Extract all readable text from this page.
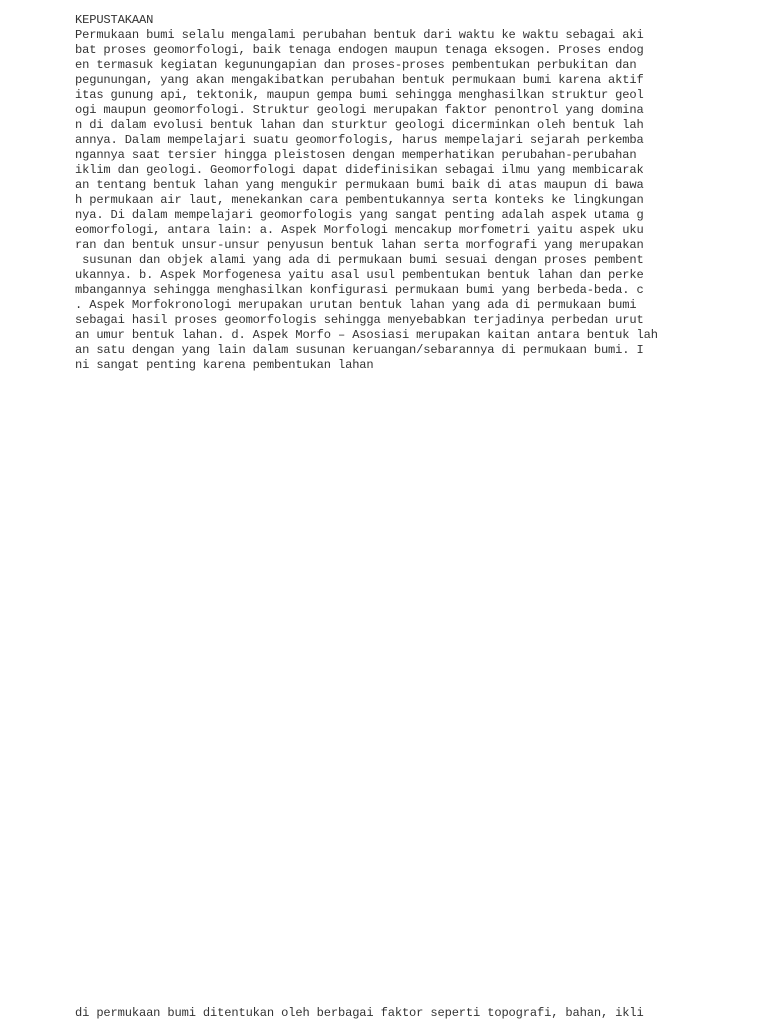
KEPUSTAKAAN
Permukaan bumi selalu mengalami perubahan bentuk dari waktu ke waktu sebagai aki
bat proses geomorfologi, baik tenaga endogen maupun tenaga eksogen. Proses endog
en termasuk kegiatan kegunungapian dan proses-proses pembentukan perbukitan dan
pegunungan, yang akan mengakibatkan perubahan bentuk permukaan bumi karena aktif
itas gunung api, tektonik, maupun gempa bumi sehingga menghasilkan struktur geol
ogi maupun geomorfologi. Struktur geologi merupakan faktor penontrol yang domina
n di dalam evolusi bentuk lahan dan sturktur geologi dicerminkan oleh bentuk lah
annya. Dalam mempelajari suatu geomorfologis, harus mempelajari sejarah perkemba
ngannya saat tersier hingga pleistosen dengan memperhatikan perubahan-perubahan
iklim dan geologi. Geomorfologi dapat didefinisikan sebagai ilmu yang membicarak
an tentang bentuk lahan yang mengukir permukaan bumi baik di atas maupun di bawa
h permukaan air laut, menekankan cara pembentukannya serta konteks ke lingkungan
nya. Di dalam mempelajari geomorfologis yang sangat penting adalah aspek utama g
eomorfologi, antara lain: a. Aspek Morfologi mencakup morfometri yaitu aspek uku
ran dan bentuk unsur-unsur penyusun bentuk lahan serta morfografi yang merupakan
susunan dan objek alami yang ada di permukaan bumi sesuai dengan proses pembent
ukannya. b. Aspek Morfogenesa yaitu asal usul pembentukan bentuk lahan dan perke
mbangannya sehingga menghasilkan konfigurasi permukaan bumi yang berbeda-beda. c
. Aspek Morfokronologi merupakan urutan bentuk lahan yang ada di permukaan bumi
sebagai hasil proses geomorfologis sehingga menyebabkan terjadinya perbedan urut
an umur bentuk lahan. d. Aspek Morfo – Asosiasi merupakan kaitan antara bentuk lah
an satu dengan yang lain dalam susunan keruangan/sebarannya di permukaan bumi. I
ni sangat penting karena pembentukan lahan
di permukaan bumi ditentukan oleh berbagai faktor seperti topografi, bahan, ikli
